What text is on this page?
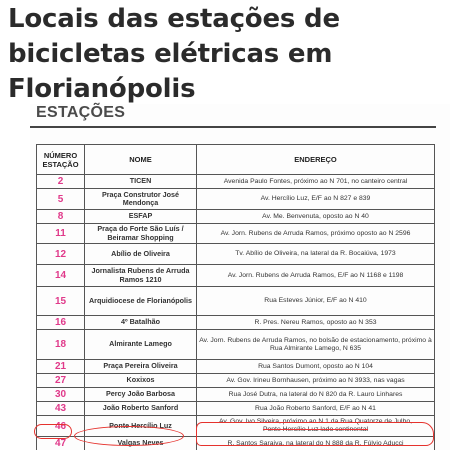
Locais das estações de bicicletas elétricas em Florianópolis
ESTAÇÕES
NÚMERO ESTAÇÃO	NOME	ENDEREÇO
2	TICEN	Avenida Paulo Fontes, próximo ao N 701, no canteiro central
5	Praça Construtor José Mendonça	Av. Hercílio Luz, E/F ao N 827 e 839
8	ESFAP	Av. Me. Benvenuta, oposto ao N 40
11	Praça do Forte São Luís / Beiramar Shopping	Av. Jorn. Rubens de Arruda Ramos, próximo oposto ao N 2596
12	Abílio de Oliveira	Tv. Abílio de Oliveira, na lateral da R. Bocaiúva, 1973
14	Jornalista Rubens de Arruda Ramos 1210	Av. Jorn. Rubens de Arruda Ramos, E/F ao N 1168 e 1198
15	Arquidiocese de Florianópolis	Rua Esteves Júnior, E/F ao N 410
16	4º Batalhão	R. Pres. Nereu Ramos, oposto ao N 353
18	Almirante Lamego	Av. Jorn. Rubens de Arruda Ramos, no bolsão de estacionamento, próximo à Rua Almirante Lamego, N 635
21	Praça Pereira Oliveira	Rua Santos Dumont, oposto ao N 104
27	Koxixos	Av. Gov. Irineu Bornhausen, próximo ao N 3933, nas vagas
30	Percy João Barbosa	Rua José Dutra, na lateral do N 820 da R. Lauro Linhares
43	João Roberto Sanford	Rua João Roberto Sanford, E/F ao N 41
46	Ponte Hercílio Luz	Av. Gov. Ivo Silveira, próximo ao N 1 da Rua Quatorze de Julho,
Ponte Hercílio Luz lado continental
47	Valgas Neves	R. Santos Saraiva, na lateral do N 888 da R. Fúlvio Aducci
